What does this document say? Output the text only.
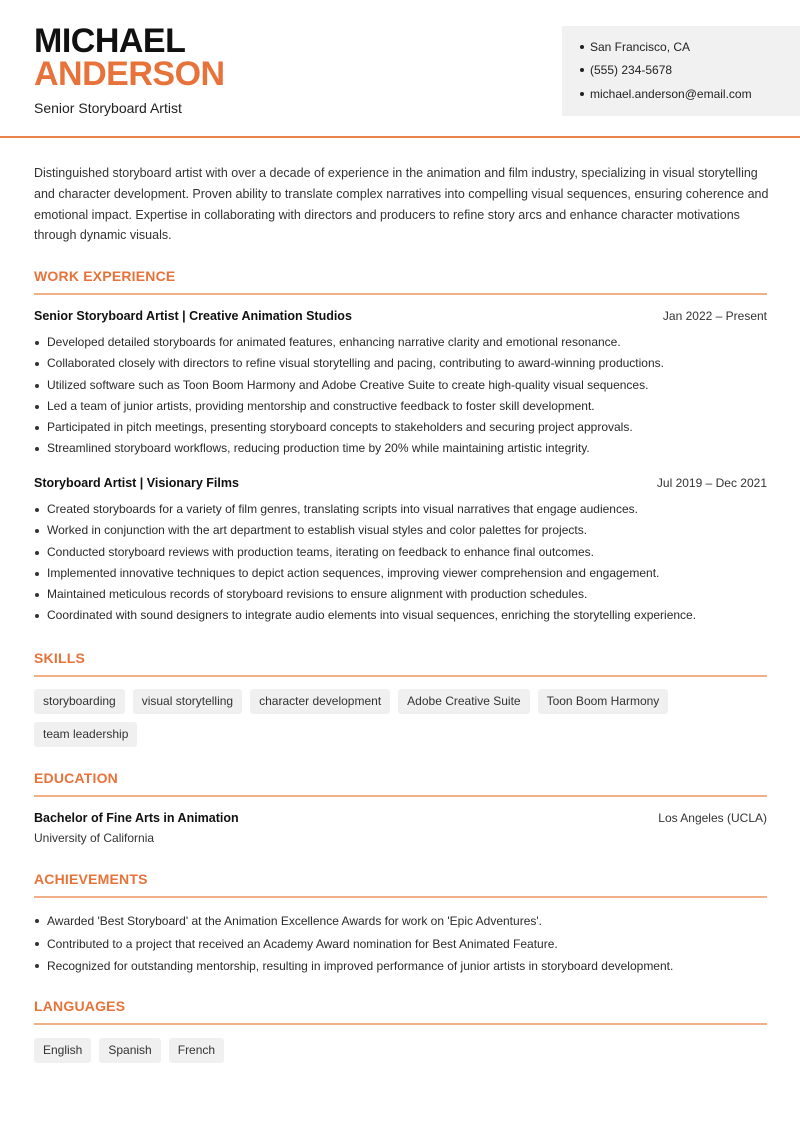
MICHAEL
ANDERSON
Senior Storyboard Artist
San Francisco, CA
(555) 234-5678
michael.anderson@email.com
Distinguished storyboard artist with over a decade of experience in the animation and film industry, specializing in visual storytelling and character development. Proven ability to translate complex narratives into compelling visual sequences, ensuring coherence and emotional impact. Expertise in collaborating with directors and producers to refine story arcs and enhance character motivations through dynamic visuals.
WORK EXPERIENCE
Senior Storyboard Artist | Creative Animation Studios	Jan 2022 – Present
Developed detailed storyboards for animated features, enhancing narrative clarity and emotional resonance.
Collaborated closely with directors to refine visual storytelling and pacing, contributing to award-winning productions.
Utilized software such as Toon Boom Harmony and Adobe Creative Suite to create high-quality visual sequences.
Led a team of junior artists, providing mentorship and constructive feedback to foster skill development.
Participated in pitch meetings, presenting storyboard concepts to stakeholders and securing project approvals.
Streamlined storyboard workflows, reducing production time by 20% while maintaining artistic integrity.
Storyboard Artist | Visionary Films	Jul 2019 – Dec 2021
Created storyboards for a variety of film genres, translating scripts into visual narratives that engage audiences.
Worked in conjunction with the art department to establish visual styles and color palettes for projects.
Conducted storyboard reviews with production teams, iterating on feedback to enhance final outcomes.
Implemented innovative techniques to depict action sequences, improving viewer comprehension and engagement.
Maintained meticulous records of storyboard revisions to ensure alignment with production schedules.
Coordinated with sound designers to integrate audio elements into visual sequences, enriching the storytelling experience.
SKILLS
storyboarding	visual storytelling	character development	Adobe Creative Suite	Toon Boom Harmony
team leadership
EDUCATION
Bachelor of Fine Arts in Animation	Los Angeles (UCLA)
University of California
ACHIEVEMENTS
Awarded 'Best Storyboard' at the Animation Excellence Awards for work on 'Epic Adventures'.
Contributed to a project that received an Academy Award nomination for Best Animated Feature.
Recognized for outstanding mentorship, resulting in improved performance of junior artists in storyboard development.
LANGUAGES
English	Spanish	French
